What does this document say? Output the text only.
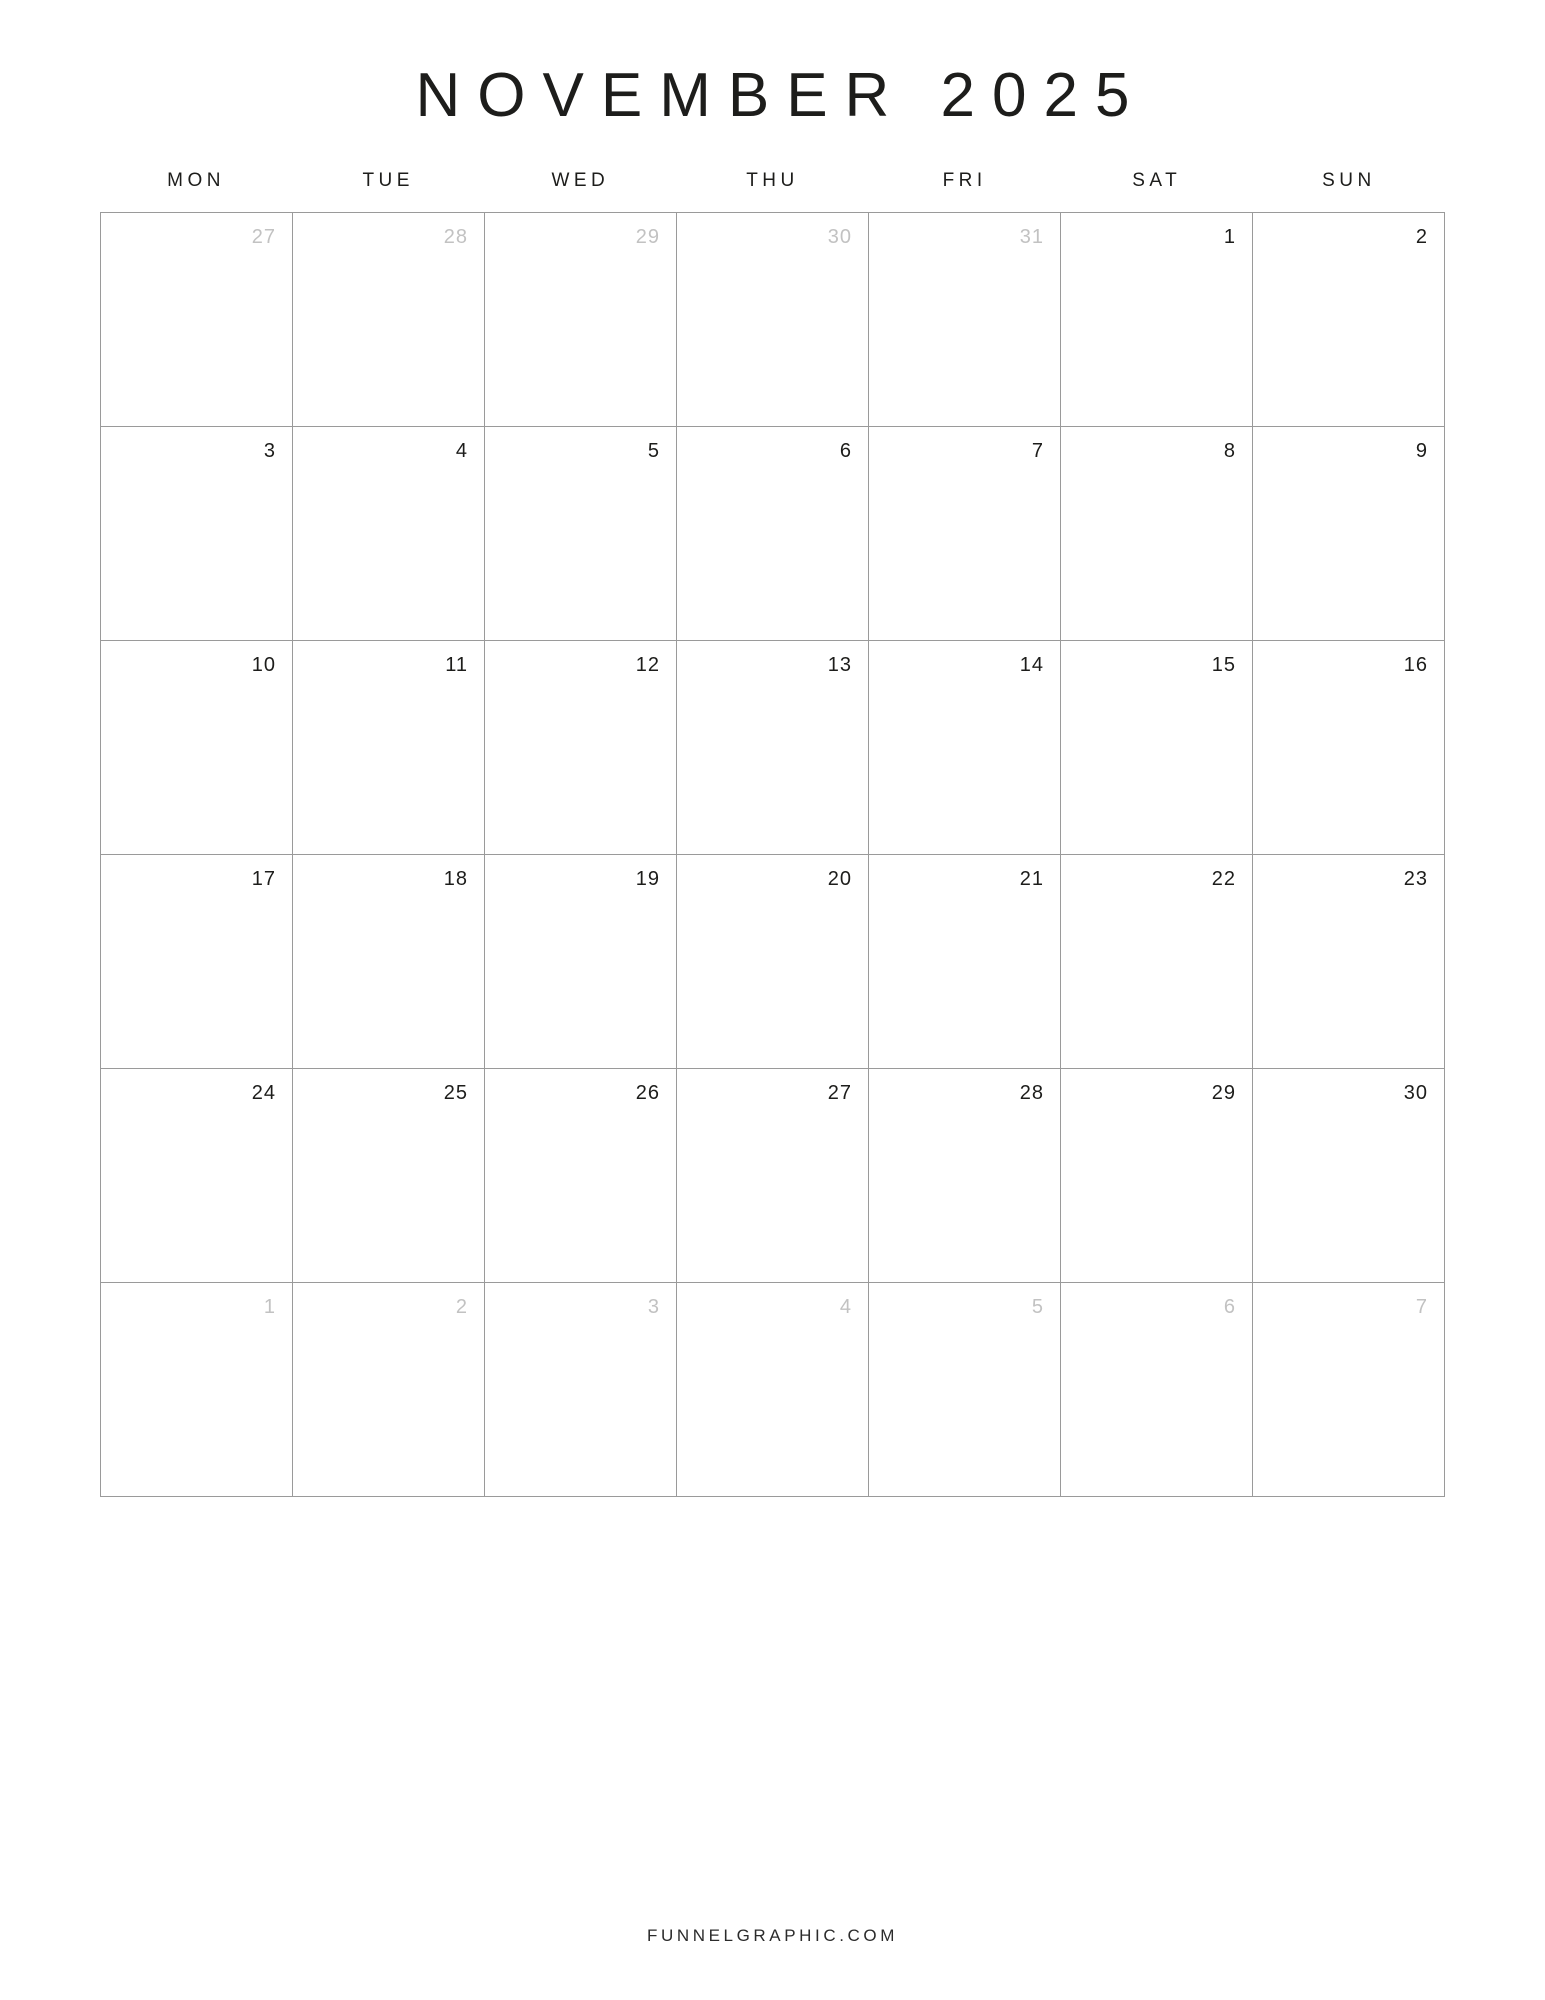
NOVEMBER 2025
MON	TUE	WED	THU	FRI	SAT	SUN
27	28	29	30	31	1	2
3	4	5	6	7	8	9
10	11	12	13	14	15	16
17	18	19	20	21	22	23
24	25	26	27	28	29	30
1	2	3	4	5	6	7
FUNNELGRAPHIC.COM
